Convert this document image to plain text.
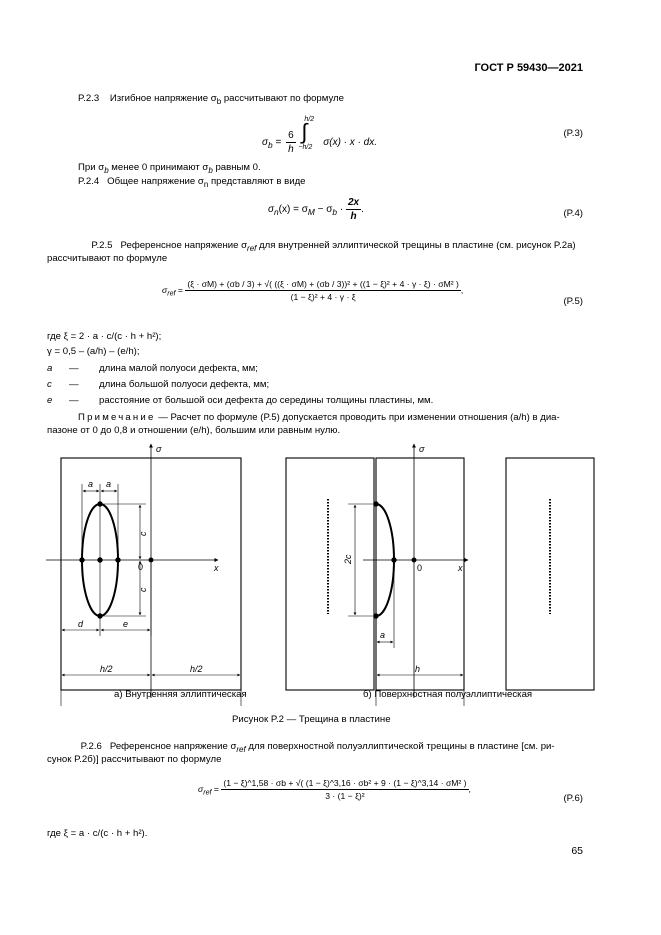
ГОСТ Р 59430—2021
P.2.3 Изгибное напряжение $\sigma_b$ рассчитывают по формуле
$\sigma_b = \frac{6}{h}$

h/2
∫
−h/2 σ(x) · x · dx.
(P.3)
При $\sigma_b$ менее 0 принимают $\sigma_b$ равным 0.
P.2.4 Общее напряжение $\sigma_n$ представляют в виде
$\sigma_n(x) = \sigma_M - \sigma_b \cdot \frac{2x}{h}$ .	(P.4)
P.2.5 Референсное напряжение $\sigma_{ref}$ для внутренней эллиптической трещины в пластине (см. рисунок P.2а)
рассчитывают по формуле
$\sigma_{ref}$ =
(ξ · σM) + (σb / 3) + √( ((ξ · σM) + (σb / 3))² + ((1 − ξ)² + 4 · γ · ξ) · σM² )
(1 − ξ)² + 4 · γ · ξ
,
(P.5)
где ξ = 2 · a · c/(c · h + h²);
γ = 0,5 – (a/h) – (e/h);
a — длина малой полуоси дефекта, мм;
c — длина большой полуоси дефекта, мм;
e — расстояние от большой оси дефекта до середины толщины пластины, мм.
Примечание — Расчет по формуле (P.5) допускается проводить при изменении отношения (a/h) в диа-
пазоне от 0 до 0,8 и отношении (e/h), большим или равным нулю.
σ
a a
c
c
0	x
d	e
h/2	h/2
σ
2c
0	x
a
h
а) Внутренняя эллиптическая	б) Поверхностная полуэллиптическая
Рисунок P.2 — Трещина в пластине
P.2.6 Референсное напряжение $\sigma_{ref}$ для поверхностной полуэллиптической трещины в пластине [см. ри-
сунок P.2б)] рассчитывают по формуле
$\sigma_{ref}$ =
(1 − ξ)^1,58 · σb + √( (1 − ξ)^3,16 · σb² + 9 · (1 − ξ)^3,14 · σM² )
3 · (1 − ξ)²
,
(P.6)
где ξ = a · c/(c · h + h²).
65
